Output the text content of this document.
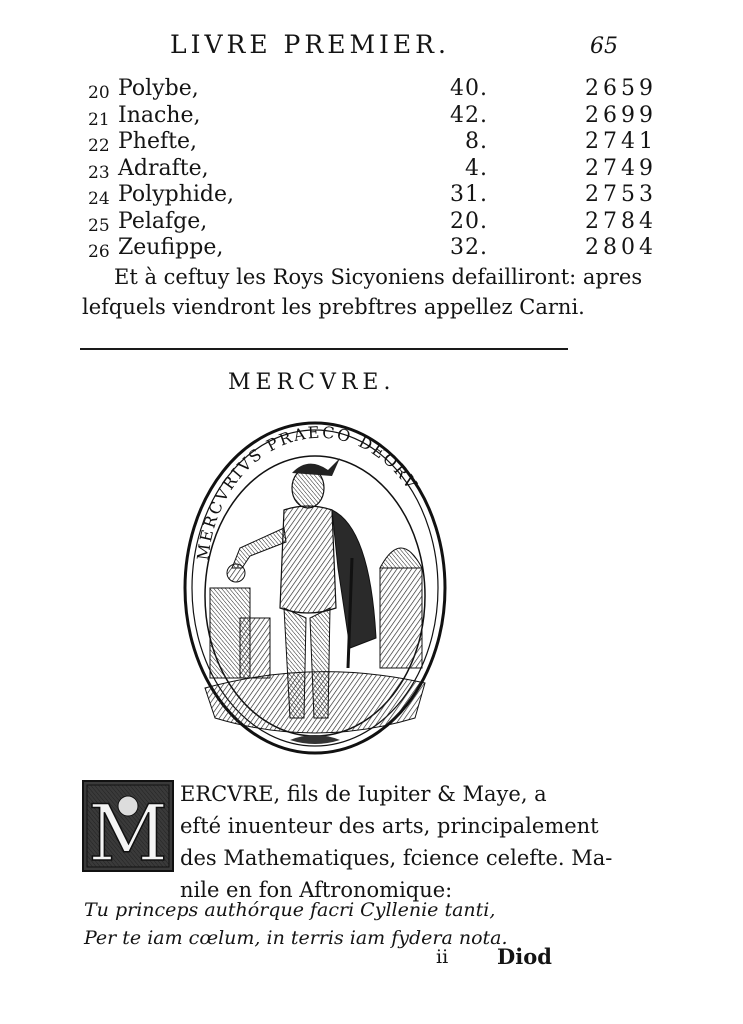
LIVRE PREMIER.	65
20 Polybe,	40.	2659
21 Inache,	42.	2699
22 Phefte,	8.	2741
23 Adrafte,	4.	2749
24 Polyphide,	31.	2753
25 Pelafge,	20.	2784
26 Zeufippe,	32.	2804
Et à ceftuy les Roys Sicyoniens defailliront: apres
lefquels viendront les prebftres appellez Carni.
MERCVRE.
MERCVRIVS PRAECO DEORV
M ERCVRE, fils de Iupiter & Maye, a
efté inuenteur des arts, principalement
des Mathematiques, fcience celefte. Ma-
nile en fon Aftronomique:
Tu princeps authórque facri Cyllenie tanti,
Per te iam cœlum, in terris iam fydera nota.
ii Diod
